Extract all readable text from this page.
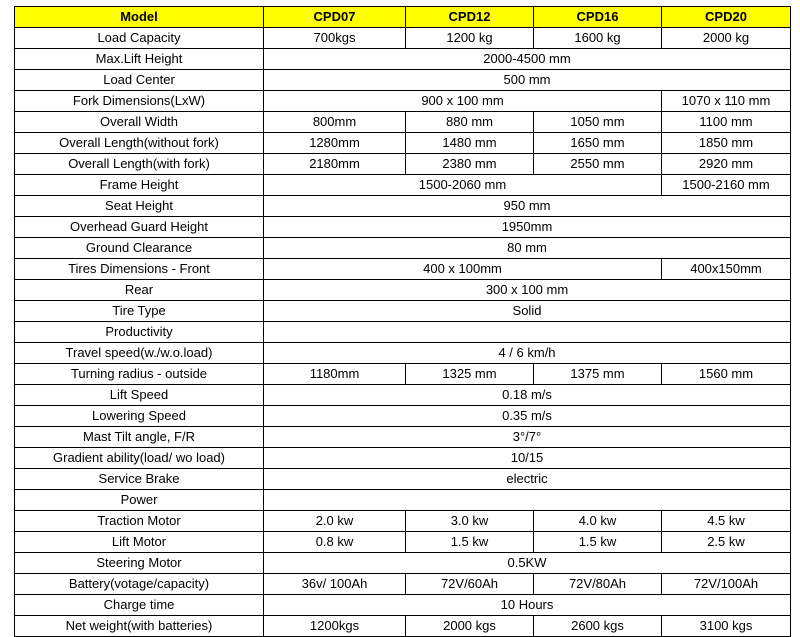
Model	CPD07	CPD12	CPD16	CPD20
Load Capacity	700kgs	1200 kg	1600 kg	2000 kg
Max.Lift Height	2000-4500 mm			
Load Center	500 mm			
Fork Dimensions(LxW)	900 x 100 mm			1070 x 110 mm
Overall Width	800mm	880 mm	1050 mm	1100 mm
Overall Length(without fork)	1280mm	1480 mm	1650 mm	1850 mm
Overall Length(with fork)	2180mm	2380 mm	2550 mm	2920 mm
Frame Height	1500-2060 mm			1500-2160 mm
Seat Height	950 mm			
Overhead Guard Height	1950mm			
Ground Clearance	80 mm			
Tires Dimensions - Front	400 x 100mm			400x150mm
Rear	300 x 100 mm			
Tire Type	Solid			
Productivity				
Travel speed(w./w.o.load)	4 / 6 km/h			
Turning radius - outside	1180mm	1325 mm	1375 mm	1560 mm
Lift Speed	0.18 m/s			
Lowering Speed	0.35 m/s			
Mast Tilt angle, F/R	3°/7°			
Gradient ability(load/ wo load)	10/15			
Service Brake	electric			
Power				
Traction Motor	2.0 kw	3.0 kw	4.0 kw	4.5 kw
Lift Motor	0.8 kw	1.5 kw	1.5 kw	2.5 kw
Steering Motor	0.5KW			
Battery(votage/capacity)	36v/ 100Ah	72V/60Ah	72V/80Ah	72V/100Ah
Charge time	10 Hours			
Net weight(with batteries)	1200kgs	2000 kgs	2600 kgs	3100 kgs
